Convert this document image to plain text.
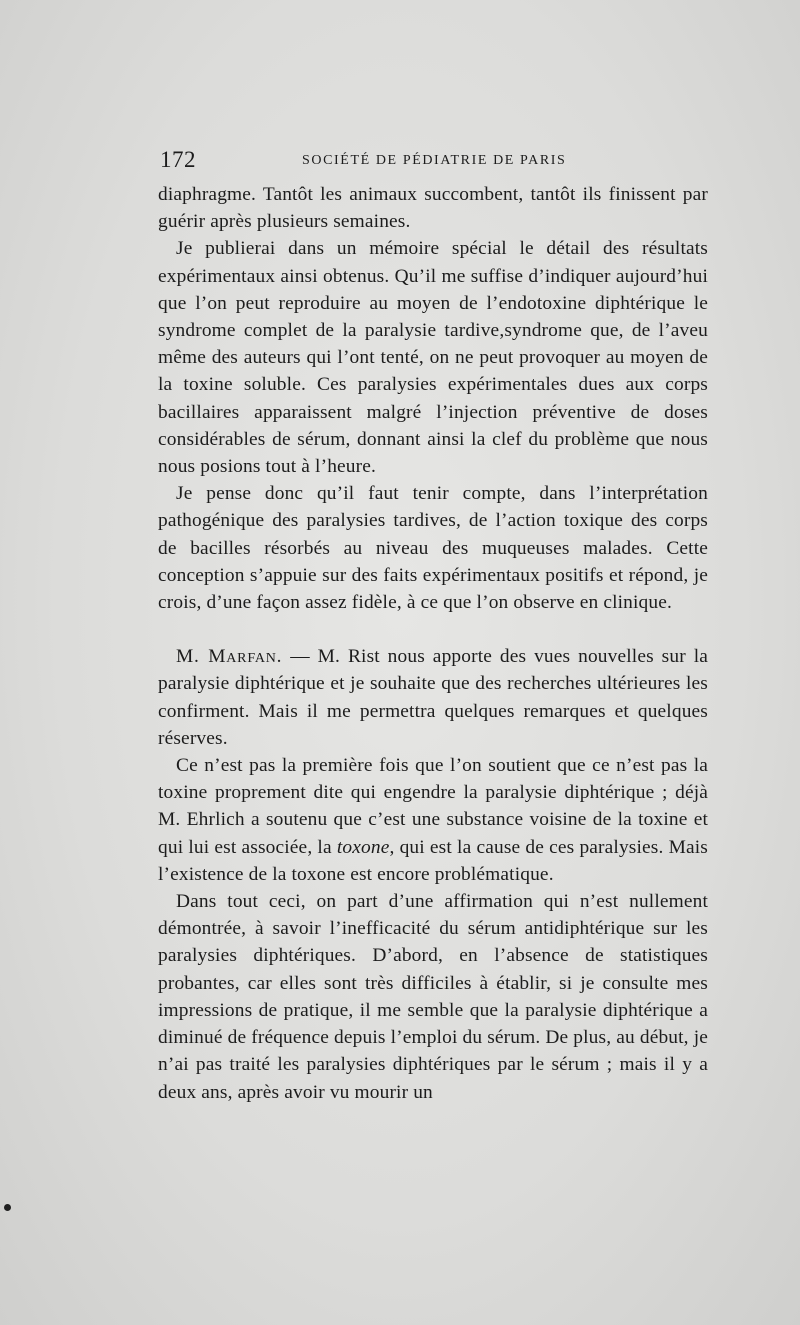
172	SOCIÉTÉ DE PÉDIATRIE DE PARIS

diaphragme. Tantôt les animaux succombent, tantôt ils finissent par guérir après plusieurs semaines.

Je publierai dans un mémoire spécial le détail des résultats expérimentaux ainsi obtenus. Qu’il me suffise d’indiquer aujourd’hui que l’on peut reproduire au moyen de l’endotoxine diphtérique le syndrome complet de la paralysie tardive,syndrome que, de l’aveu même des auteurs qui l’ont tenté, on ne peut provoquer au moyen de la toxine soluble. Ces paralysies expérimentales dues aux corps bacillaires apparaissent malgré l’injection préventive de doses considérables de sérum, donnant ainsi la clef du problème que nous nous posions tout à l’heure.

Je pense donc qu’il faut tenir compte, dans l’interprétation pathogénique des paralysies tardives, de l’action toxique des corps de bacilles résorbés au niveau des muqueuses malades. Cette conception s’appuie sur des faits expérimentaux positifs et répond, je crois, d’une façon assez fidèle, à ce que l’on observe en clinique.

M. Marfan. — M. Rist nous apporte des vues nouvelles sur la paralysie diphtérique et je souhaite que des recherches ultérieures les confirment. Mais il me permettra quelques remarques et quelques réserves.

Ce n’est pas la première fois que l’on soutient que ce n’est pas la toxine proprement dite qui engendre la paralysie diphtérique ; déjà M. Ehrlich a soutenu que c’est une substance voisine de la toxine et qui lui est associée, la toxone, qui est la cause de ces paralysies. Mais l’existence de la toxone est encore problématique.

Dans tout ceci, on part d’une affirmation qui n’est nullement démontrée, à savoir l’inefficacité du sérum antidiphtérique sur les paralysies diphtériques. D’abord, en l’absence de statistiques probantes, car elles sont très difficiles à établir, si je consulte mes impressions de pratique, il me semble que la paralysie diphtérique a diminué de fréquence depuis l’emploi du sérum. De plus, au début, je n’ai pas traité les paralysies diphtériques par le sérum ; mais il y a deux ans, après avoir vu mourir un
